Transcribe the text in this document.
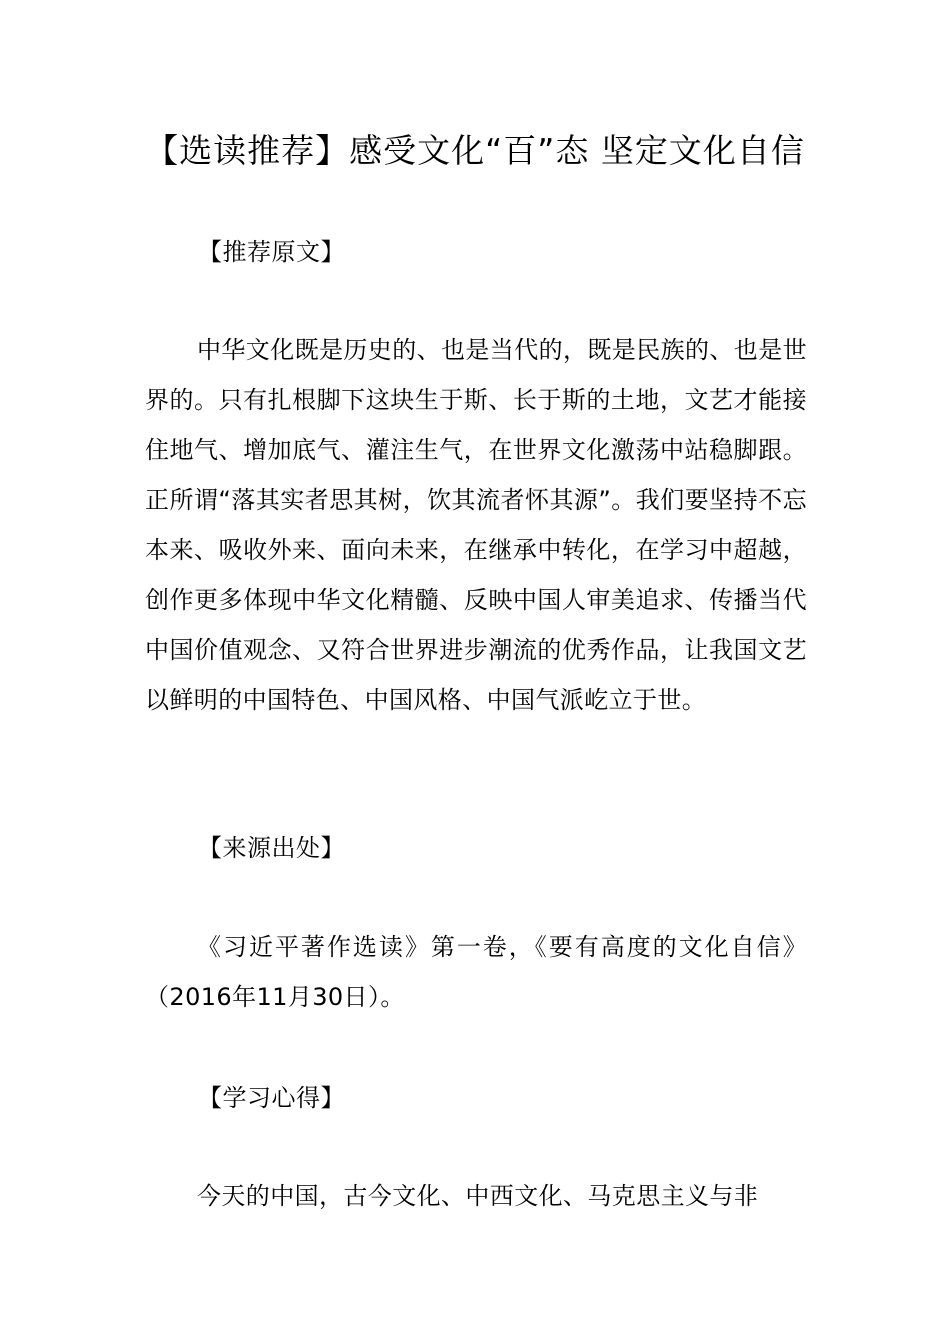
【选读推荐】感受文化“百”态 坚定文化自信
【推荐原文】

中华文化既是历史的、也是当代的，既是民族的、也是世界的。只有扎根脚下这块生于斯、长于斯的土地，文艺才能接住地气、增加底气、灌注生气，在世界文化激荡中站稳脚跟。正所谓“落其实者思其树，饮其流者怀其源”。我们要坚持不忘本来、吸收外来、面向未来，在继承中转化，在学习中超越，创作更多体现中华文化精髓、反映中国人审美追求、传播当代中国价值观念、又符合世界进步潮流的优秀作品，让我国文艺以鲜明的中国特色、中国风格、中国气派屹立于世。

【来源出处】

《习近平著作选读》第一卷，《要有高度的文化自信》（2016年11月30日）。

【学习心得】

今天的中国，古今文化、中西文化、马克思主义与非
